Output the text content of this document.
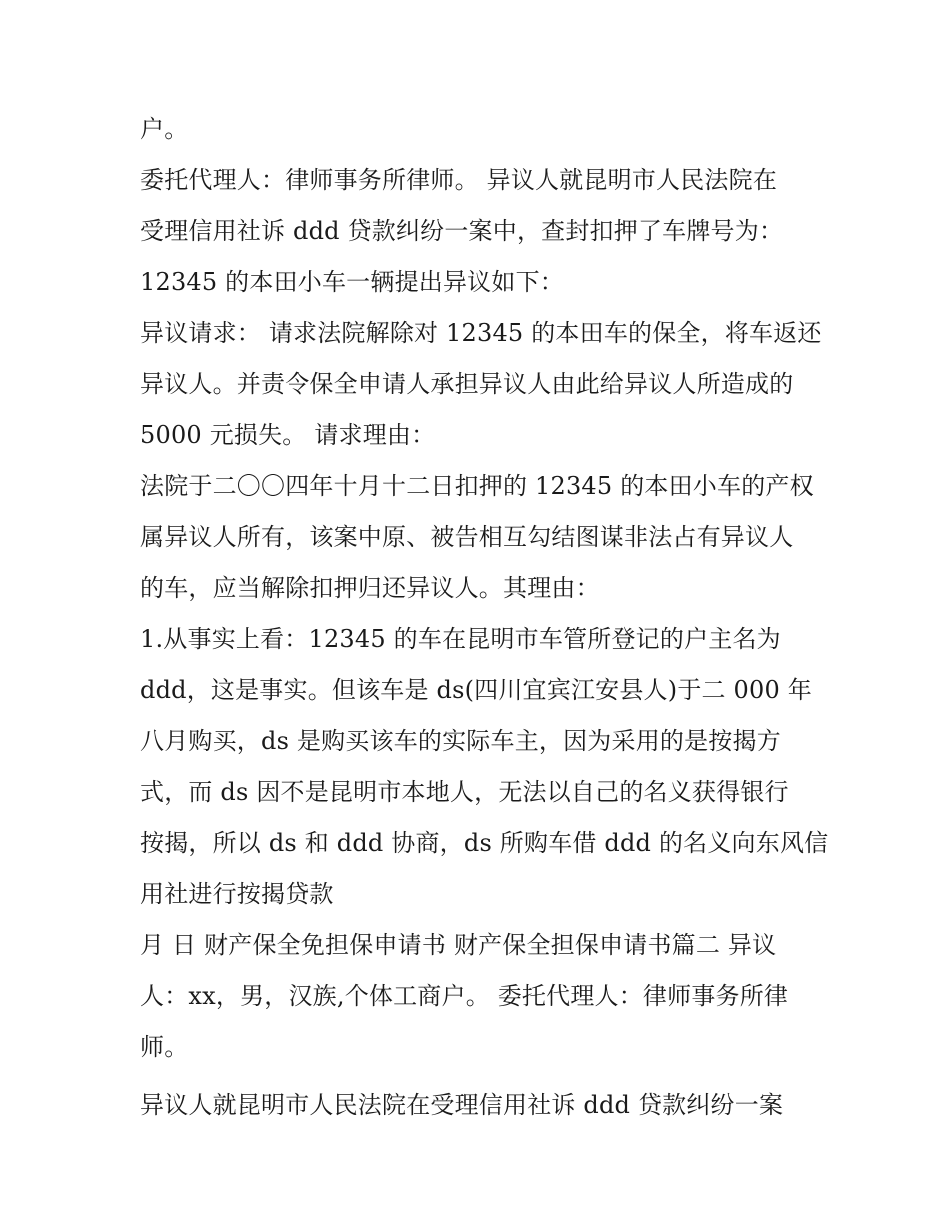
户。
委托代理人：律师事务所律师。 异议人就昆明市人民法院在
受理信用社诉 ddd 贷款纠纷一案中，查封扣押了车牌号为：
12345 的本田小车一辆提出异议如下：
异议请求： 请求法院解除对 12345 的本田车的保全，将车返还
异议人。并责令保全申请人承担异议人由此给异议人所造成的
5000 元损失。 请求理由：
法院于二〇〇四年十月十二日扣押的 12345 的本田小车的产权
属异议人所有，该案中原、被告相互勾结图谋非法占有异议人
的车，应当解除扣押归还异议人。其理由：
1.从事实上看：12345 的车在昆明市车管所登记的户主名为
ddd，这是事实。但该车是 ds(四川宜宾江安县人)于二 000 年
八月购买，ds 是购买该车的实际车主，因为采用的是按揭方
式，而 ds 因不是昆明市本地人，无法以自己的名义获得银行
按揭，所以 ds 和 ddd 协商，ds 所购车借 ddd 的名义向东风信
用社进行按揭贷款
月 日 财产保全免担保申请书 财产保全担保申请书篇二 异议
人：xx，男，汉族,个体工商户。 委托代理人：律师事务所律
师。
异议人就昆明市人民法院在受理信用社诉 ddd 贷款纠纷一案
